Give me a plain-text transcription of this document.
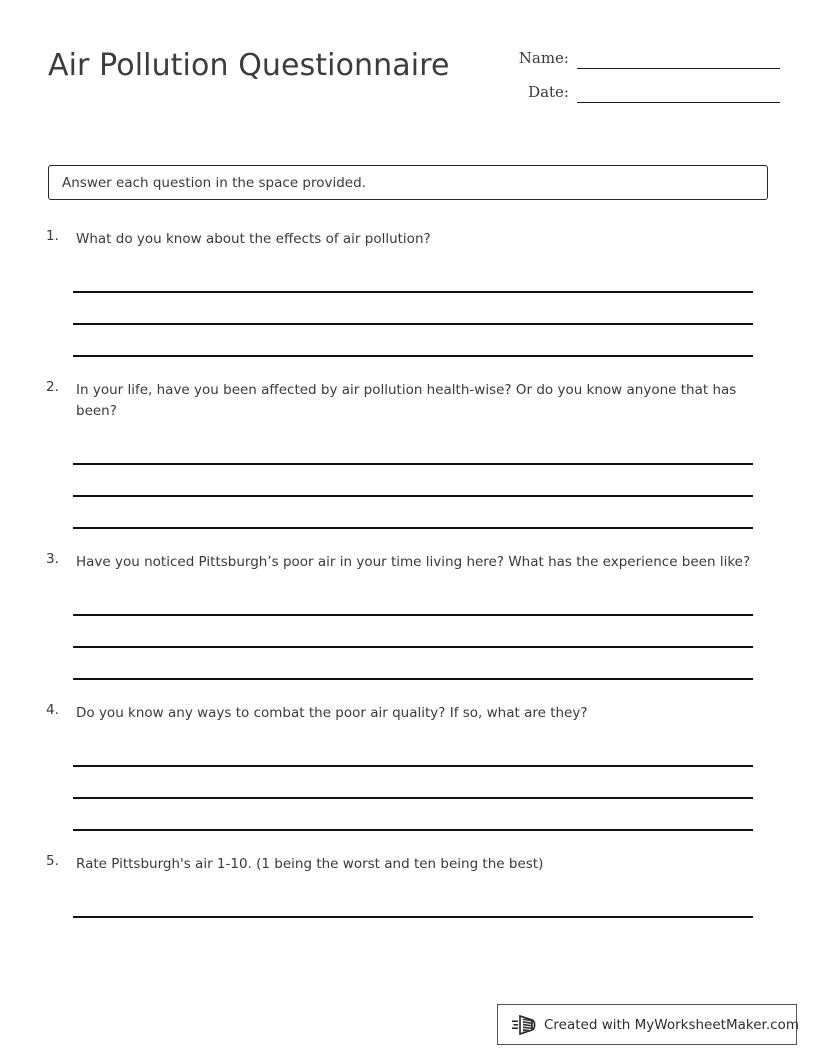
Air Pollution Questionnaire	Name:
Date:
Answer each question in the space provided.
1.	What do you know about the effects of air pollution?
2.	In your life, have you been affected by air pollution health-wise? Or do you know anyone that has been?
3.	Have you noticed Pittsburgh’s poor air in your time living here? What has the experience been like?
4.	Do you know any ways to combat the poor air quality? If so, what are they?
5.	Rate Pittsburgh's air 1-10. (1 being the worst and ten being the best)
Created with MyWorksheetMaker.com
